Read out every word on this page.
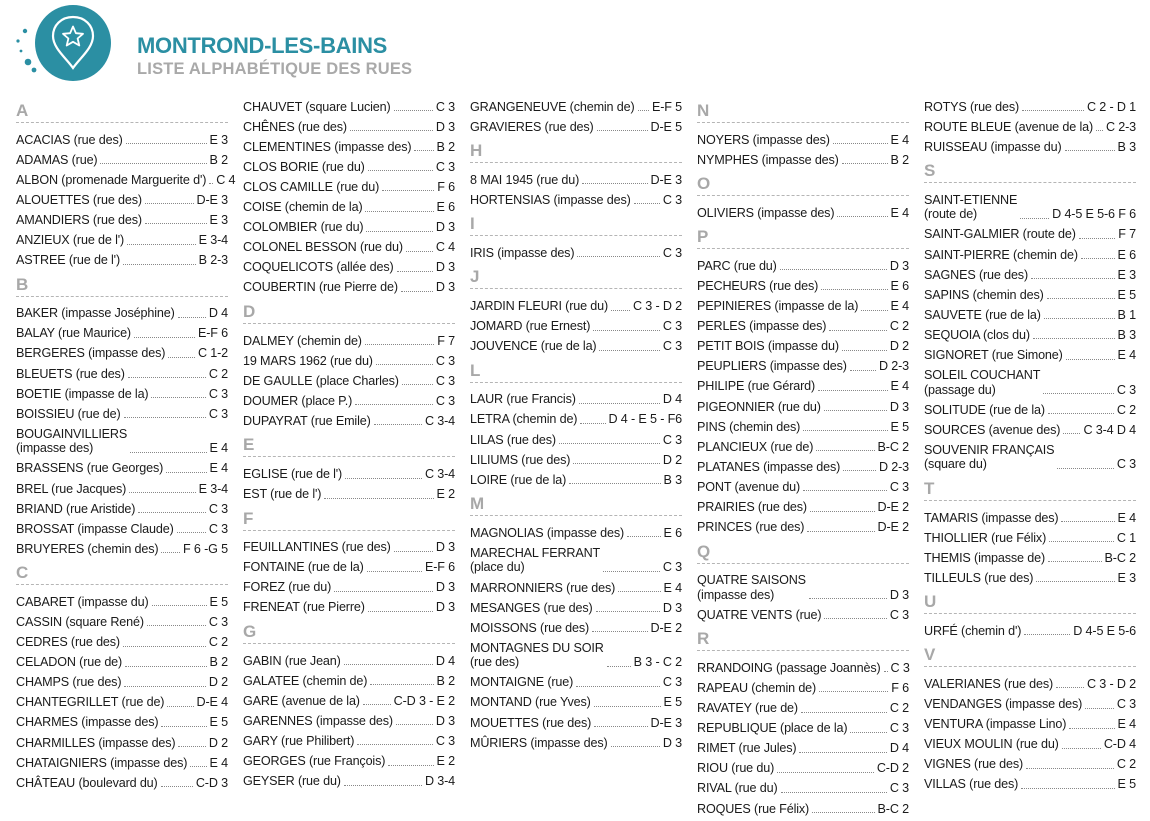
MONTROND-LES-BAINS
LISTE ALPHABÉTIQUE DES RUES
A
ACACIAS (rue des)	E 3
ADAMAS (rue)	B 2
ALBON (promenade Marguerite d') C 4
ALOUETTES (rue des)	D-E 3
AMANDIERS (rue des)	E 3
ANZIEUX (rue de l')	E 3-4
ASTREE (rue de l')	B 2-3
B
BAKER (impasse Joséphine)	D 4
BALAY (rue Maurice)	E-F 6
BERGERES (impasse des)	C 1-2
BLEUETS (rue des)	C 2
BOETIE (impasse de la)	C 3
BOISSIEU (rue de)	C 3
BOUGAINVILLIERS
(impasse des)	E 4
BRASSENS (rue Georges)	E 4
BREL (rue Jacques)	E 3-4
BRIAND (rue Aristide)	C 3
BROSSAT (impasse Claude)	C 3
BRUYERES (chemin des) F 6 -G 5
C
CABARET (impasse du)	E 5
CASSIN (square René)	C 3
CEDRES (rue des)	C 2
CELADON (rue de)	B 2
CHAMPS (rue des)	D 2
CHANTEGRILLET (rue de)	D-E 4
CHARMES (impasse des)	E 5
CHARMILLES (impasse des)	D 2
CHATAIGNIERS (impasse des) E 4
CHÂTEAU (boulevard du)	C-D 3
CHAUVET (square Lucien)	C 3
CHÊNES (rue des)	D 3
CLEMENTINES (impasse des) B 2
CLOS BORIE (rue du)	C 3
CLOS CAMILLE (rue du)	F 6
COISE (chemin de la)	E 6
COLOMBIER (rue du)	D 3
COLONEL BESSON (rue du)	C 4
COQUELICOTS (allée des)	D 3
COUBERTIN (rue Pierre de)	D 3
D
DALMEY (chemin de)	F 7
19 MARS 1962 (rue du)	C 3
DE GAULLE (place Charles)	C 3
DOUMER (place P.)	C 3
DUPAYRAT (rue Emile)	C 3-4
E
EGLISE (rue de l')	C 3-4
EST (rue de l')	E 2
F
FEUILLANTINES (rue des)	D 3
FONTAINE (rue de la)	E-F 6
FOREZ (rue du)	D 3
FRENEAT (rue Pierre)	D 3
G
GABIN (rue Jean)	D 4
GALATEE (chemin de)	B 2
GARE (avenue de la)	C-D 3 - E 2
GARENNES (impasse des)	D 3
GARY (rue Philibert)	C 3
GEORGES (rue François)	E 2
GEYSER (rue du)	D 3-4
GRANGENEUVE (chemin de) E-F 5
GRAVIERES (rue des)	D-E 5
H
8 MAI 1945 (rue du)	D-E 3
HORTENSIAS (impasse des)	C 3
I
IRIS (impasse des)	C 3
J
JARDIN FLEURI (rue du) C 3 - D 2
JOMARD (rue Ernest)	C 3
JOUVENCE (rue de la)	C 3
L
LAUR (rue Francis)	D 4
LETRA (chemin de) D 4 - E 5 - F6
LILAS (rue des)	C 3
LILIUMS (rue des)	D 2
LOIRE (rue de la)	B 3
M
MAGNOLIAS (impasse des)	E 6
MARECHAL FERRANT
(place du)	C 3
MARRONNIERS (rue des)	E 4
MESANGES (rue des)	D 3
MOISSONS (rue des)	D-E 2
MONTAGNES DU SOIR
(rue des)	B 3 - C 2
MONTAIGNE (rue)	C 3
MONTAND (rue Yves)	E 5
MOUETTES (rue des)	D-E 3
MÛRIERS (impasse des)	D 3
N
NOYERS (impasse des)	E 4
NYMPHES (impasse des)	B 2
O
OLIVIERS (impasse des)	E 4
P
PARC (rue du)	D 3
PECHEURS (rue des)	E 6
PEPINIERES (impasse de la)	E 4
PERLES (impasse des)	C 2
PETIT BOIS (impasse du)	D 2
PEUPLIERS (impasse des)	D 2-3
PHILIPE (rue Gérard)	E 4
PIGEONNIER (rue du)	D 3
PINS (chemin des)	E 5
PLANCIEUX (rue de)	B-C 2
PLATANES (impasse des)	D 2-3
PONT (avenue du)	C 3
PRAIRIES (rue des)	D-E 2
PRINCES (rue des)	D-E 2
Q
QUATRE SAISONS
(impasse des)	D 3
QUATRE VENTS (rue)	C 3
R
RRANDOING (passage Joannès) C 3
RAPEAU (chemin de)	F 6
RAVATEY (rue de)	C 2
REPUBLIQUE (place de la)	C 3
RIMET (rue Jules)	D 4
RIOU (rue du)	C-D 2
RIVAL (rue du)	C 3
ROQUES (rue Félix)	B-C 2
ROTYS (rue des)	C 2 - D 1
ROUTE BLEUE (avenue de la) C 2-3
RUISSEAU (impasse du)	B 3
S
SAINT-ETIENNE
(route de)	D 4-5 E 5-6 F 6
SAINT-GALMIER (route de)	F 7
SAINT-PIERRE (chemin de)	E 6
SAGNES (rue des)	E 3
SAPINS (chemin des)	E 5
SAUVETE (rue de la)	B 1
SEQUOIA (clos du)	B 3
SIGNORET (rue Simone)	E 4
SOLEIL COUCHANT
(passage du)	C 3
SOLITUDE (rue de la)	C 2
SOURCES (avenue des) C 3-4 D 4
SOUVENIR FRANÇAIS
(square du)	C 3
T
TAMARIS (impasse des)	E 4
THIOLLIER (rue Félix)	C 1
THEMIS (impasse de)	B-C 2
TILLEULS (rue des)	E 3
U
URFÉ (chemin d')	D 4-5 E 5-6
V
VALERIANES (rue des)	C 3 - D 2
VENDANGES (impasse des)	C 3
VENTURA (impasse Lino)	E 4
VIEUX MOULIN (rue du)	C-D 4
VIGNES (rue des)	C 2
VILLAS (rue des)	E 5
